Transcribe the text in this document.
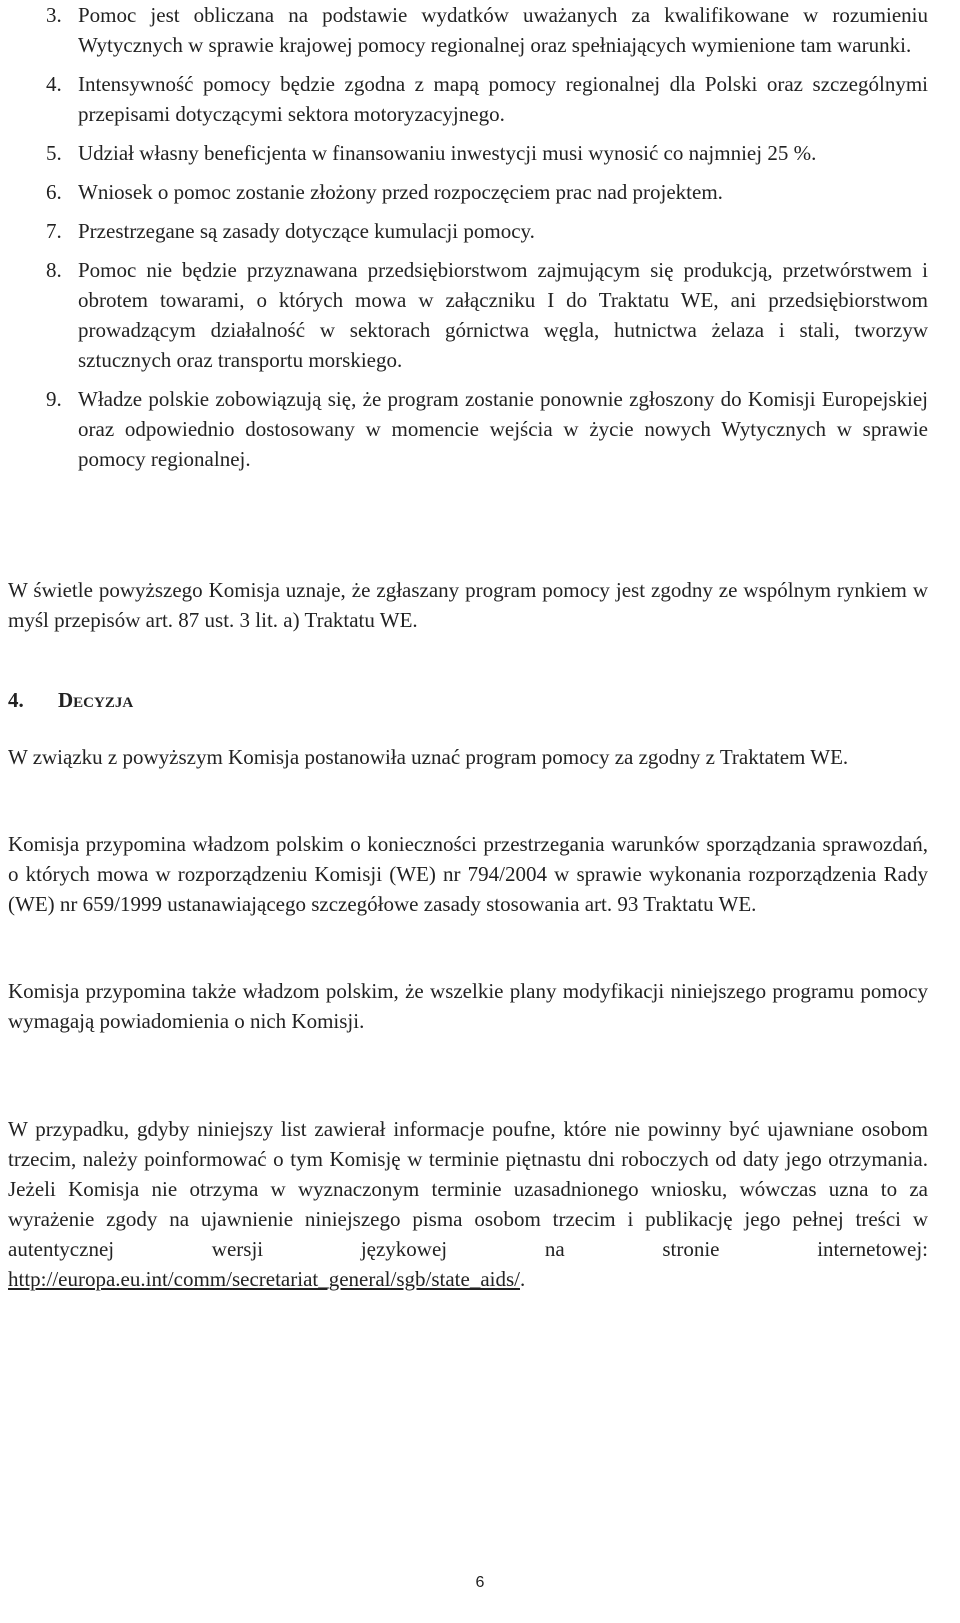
3. Pomoc jest obliczana na podstawie wydatków uważanych za kwalifikowane w rozumieniu Wytycznych w sprawie krajowej pomocy regionalnej oraz spełniających wymienione tam warunki.
4. Intensywność pomocy będzie zgodna z mapą pomocy regionalnej dla Polski oraz szczególnymi przepisami dotyczącymi sektora motoryzacyjnego.
5. Udział własny beneficjenta w finansowaniu inwestycji musi wynosić co najmniej 25 %.
6. Wniosek o pomoc zostanie złożony przed rozpoczęciem prac nad projektem.
7. Przestrzegane są zasady dotyczące kumulacji pomocy.
8. Pomoc nie będzie przyznawana przedsiębiorstwom zajmującym się produkcją, przetwórstwem i obrotem towarami, o których mowa w załączniku I do Traktatu WE, ani przedsiębiorstwom prowadzącym działalność w sektorach górnictwa węgla, hutnictwa żelaza i stali, tworzyw sztucznych oraz transportu morskiego.
9. Władze polskie zobowiązują się, że program zostanie ponownie zgłoszony do Komisji Europejskiej oraz odpowiednio dostosowany w momencie wejścia w życie nowych Wytycznych w sprawie pomocy regionalnej.

W świetle powyższego Komisja uznaje, że zgłaszany program pomocy jest zgodny ze wspólnym rynkiem w myśl przepisów art. 87 ust. 3 lit. a) Traktatu WE.

4. Decyzja

W związku z powyższym Komisja postanowiła uznać program pomocy za zgodny z Traktatem WE.

Komisja przypomina władzom polskim o konieczności przestrzegania warunków sporządzania sprawozdań, o których mowa w rozporządzeniu Komisji (WE) nr 794/2004 w sprawie wykonania rozporządzenia Rady (WE) nr 659/1999 ustanawiającego szczegółowe zasady stosowania art. 93 Traktatu WE.

Komisja przypomina także władzom polskim, że wszelkie plany modyfikacji niniejszego programu pomocy wymagają powiadomienia o nich Komisji.

W przypadku, gdyby niniejszy list zawierał informacje poufne, które nie powinny być ujawniane osobom trzecim, należy poinformować o tym Komisję w terminie piętnastu dni roboczych od daty jego otrzymania. Jeżeli Komisja nie otrzyma w wyznaczonym terminie uzasadnionego wniosku, wówczas uzna to za wyrażenie zgody na ujawnienie niniejszego pisma osobom trzecim i publikację jego pełnej treści w autentycznej wersji językowej na stronie internetowej: http://europa.eu.int/comm/secretariat_general/sgb/state_aids/.

6
